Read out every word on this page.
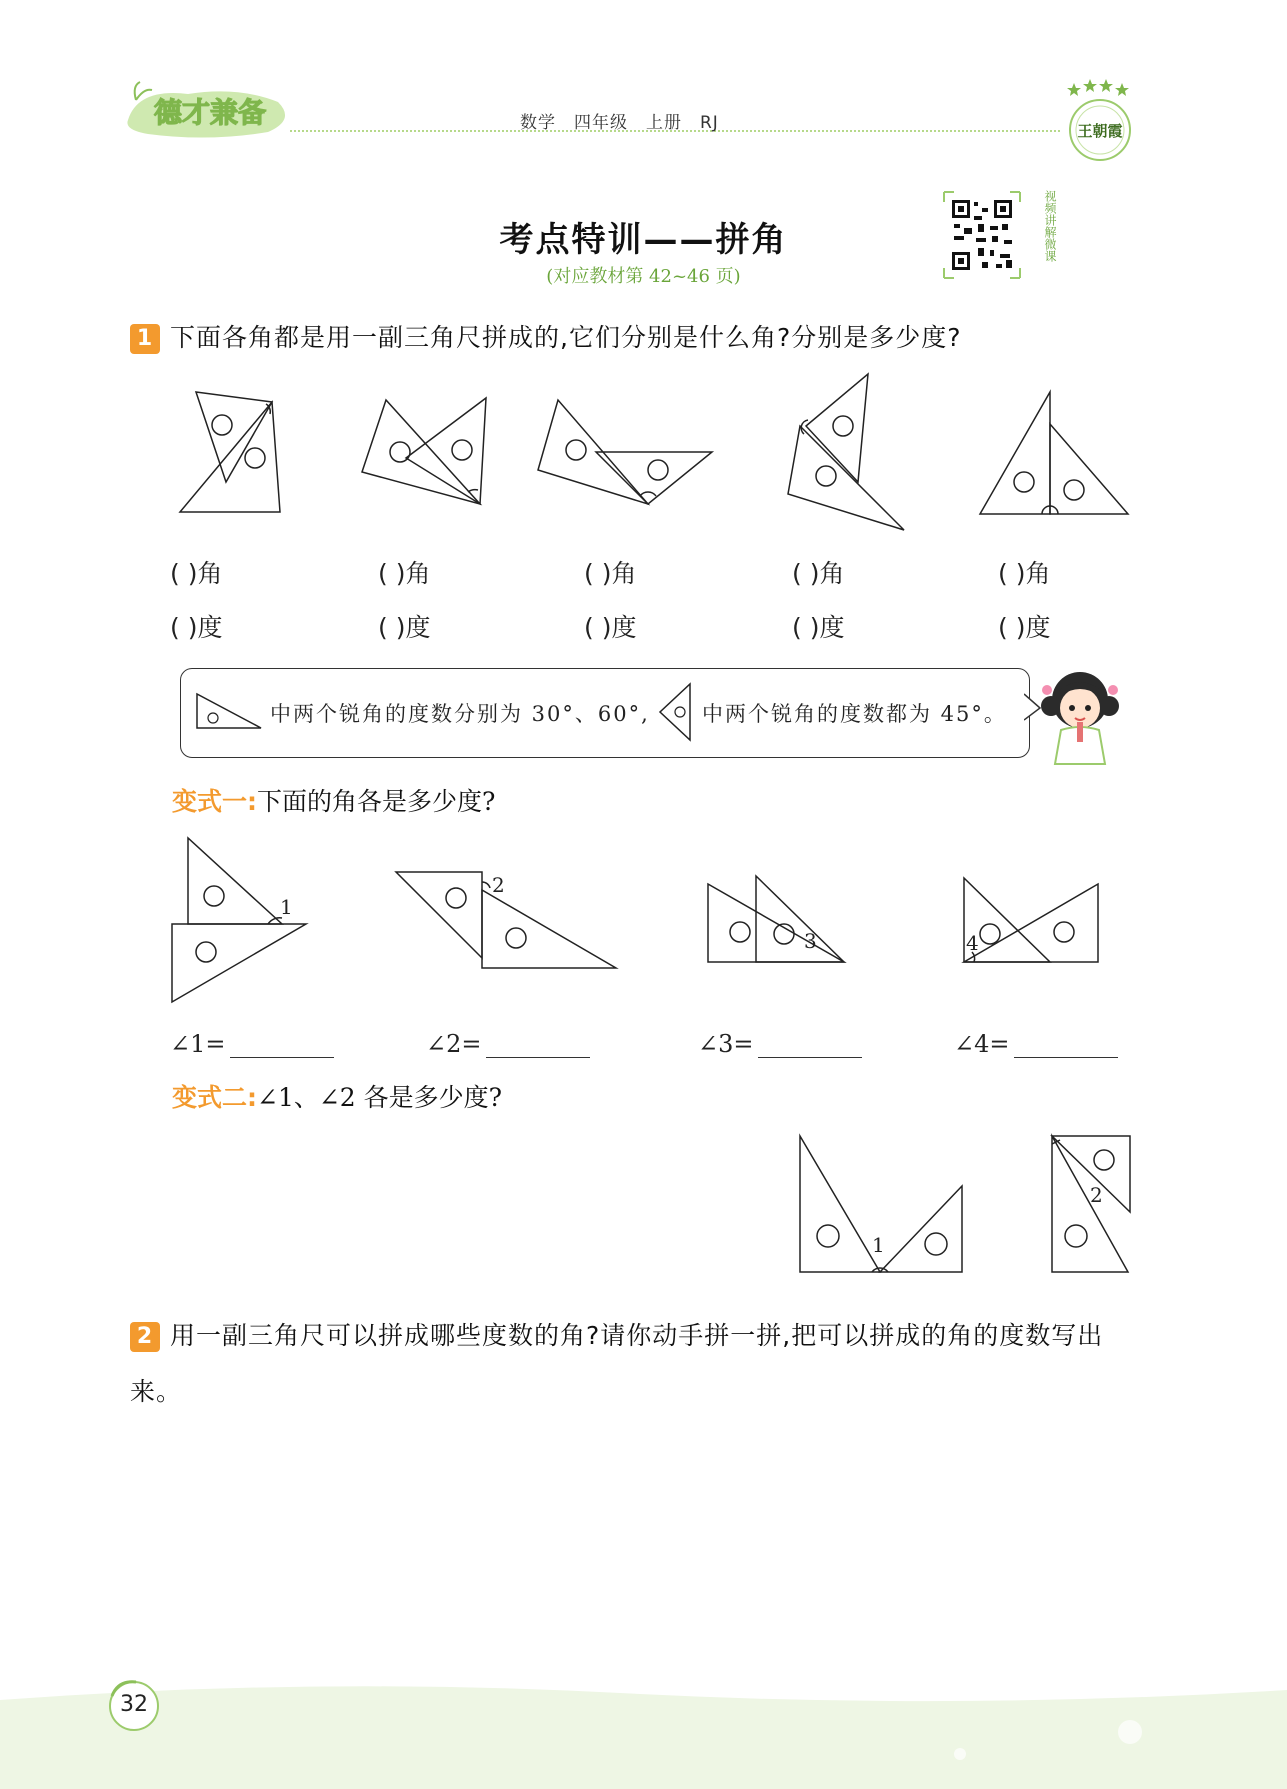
德才兼备	数学 四年级 上册 RJ	王朝霞
考点特训——拼角
(对应教材第 42~46 页)
视频讲解微课
1 下面各角都是用一副三角尺拼成的,它们分别是什么角?分别是多少度?
( )角	( )角	( )角	( )角	( )角
( )度	( )度	( )度	( )度	( )度
中两个锐角的度数分别为 30°、60°, 中两个锐角的度数都为 45°。
变式一:下面的角各是多少度?
1
2
3	4
∠1=	∠2=	∠3=	∠4=
变式二:∠1、∠2 各是多少度?
1
2
2 用一副三角尺可以拼成哪些度数的角?请你动手拼一拼,把可以拼成的角的度数写出来。
32
